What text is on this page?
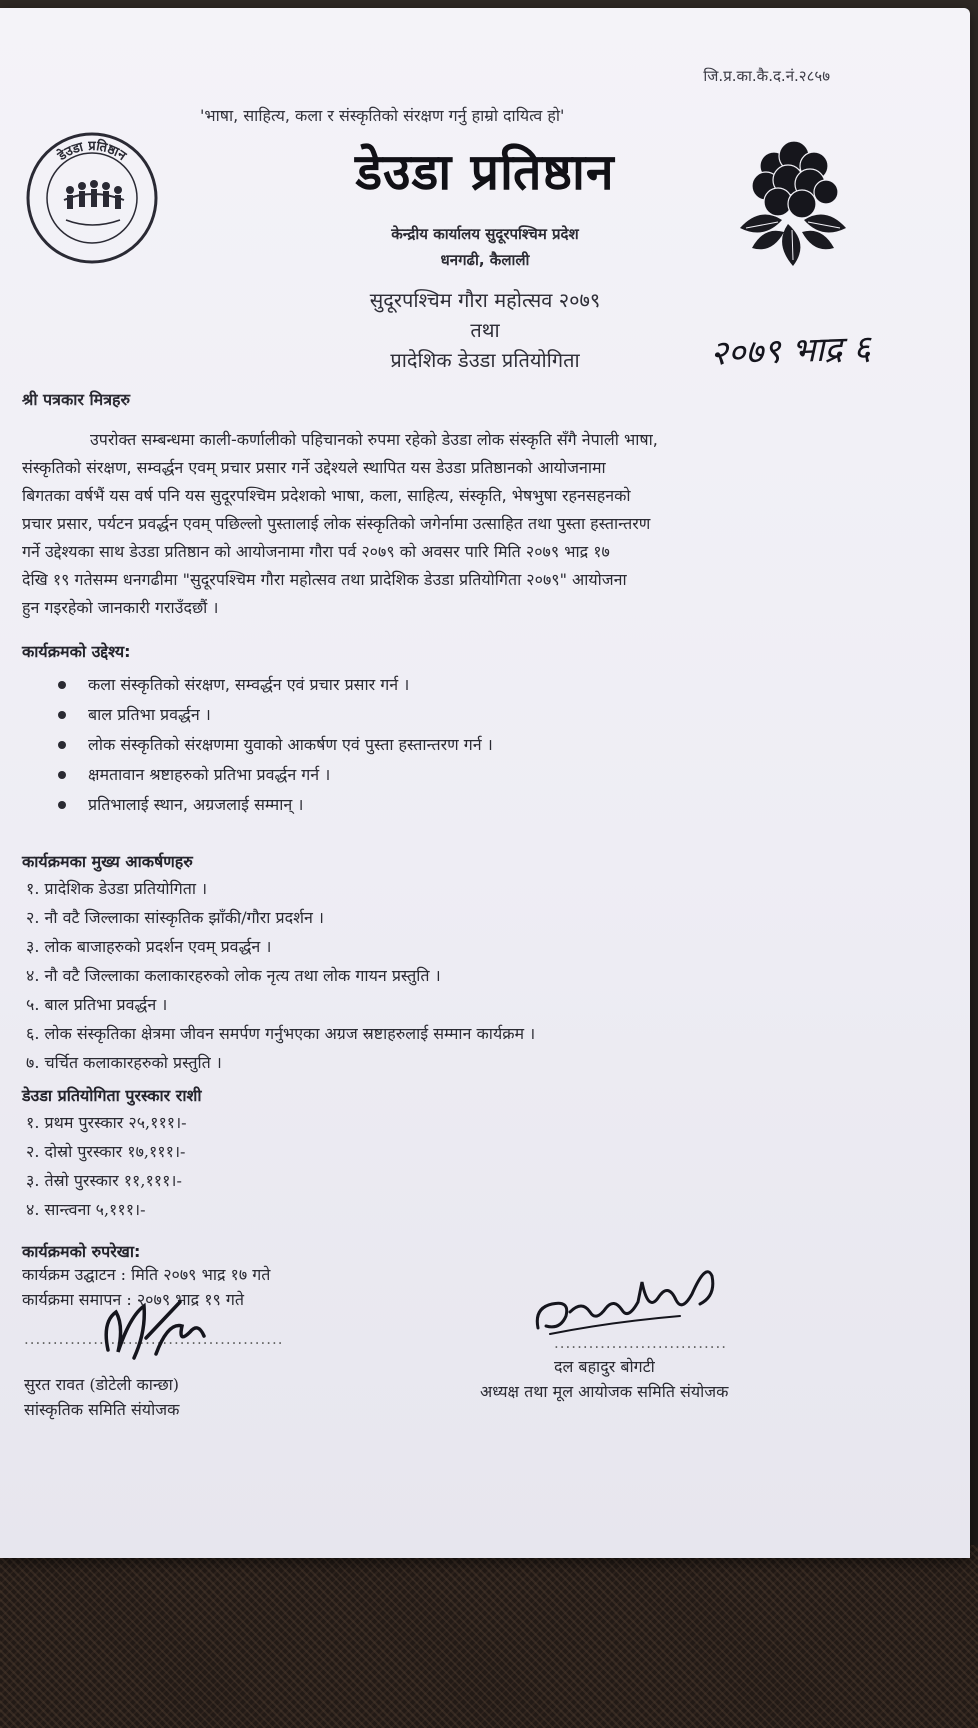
जि.प्र.का.कै.द.नं.२८५७
'भाषा, साहित्य, कला र संस्कृतिको संरक्षण गर्नु हाम्रो दायित्व हो'
डेउडा प्रतिष्ठान	डेउडा प्रतिष्ठान
केन्द्रीय कार्यालय सुदूरपश्चिम प्रदेश
धनगढी, कैलाली
सुदूरपश्चिम गौरा महोत्सव २०७९
तथा
प्रादेशिक डेउडा प्रतियोगिता	२०७९ भाद्र ६
श्री पत्रकार मित्रहरु

उपरोक्त सम्बन्धमा काली-कर्णालीको पहिचानको रुपमा रहेको डेउडा लोक संस्कृति सँगै नेपाली भाषा,
संस्कृतिको संरक्षण, सम्वर्द्धन एवम् प्रचार प्रसार गर्ने उद्देश्यले स्थापित यस डेउडा प्रतिष्ठानको आयोजनामा
बिगतका वर्षभैं यस वर्ष पनि यस सुदूरपश्चिम प्रदेशको भाषा, कला, साहित्य, संस्कृति, भेषभुषा रहनसहनको
प्रचार प्रसार, पर्यटन प्रवर्द्धन एवम् पछिल्लो पुस्तालाई लोक संस्कृतिको जगेर्नामा उत्साहित तथा पुस्ता हस्तान्तरण
गर्ने उद्देश्यका साथ डेउडा प्रतिष्ठान को आयोजनामा गौरा पर्व २०७९ को अवसर पारि मिति २०७९ भाद्र १७
देखि १९ गतेसम्म धनगढीमा "सुदूरपश्चिम गौरा महोत्सव तथा प्रादेशिक डेउडा प्रतियोगिता २०७९" आयोजना
हुन गइरहेको जानकारी गराउँदछौं ।

कार्यक्रमको उद्देश्य:
कला संस्कृतिको संरक्षण, सम्वर्द्धन एवं प्रचार प्रसार गर्न ।
बाल प्रतिभा प्रवर्द्धन ।
लोक संस्कृतिको संरक्षणमा युवाको आकर्षण एवं पुस्ता हस्तान्तरण गर्न ।
क्षमतावान श्रष्टाहरुको प्रतिभा प्रवर्द्धन गर्न ।
प्रतिभालाई स्थान, अग्रजलाई सम्मान् ।
कार्यक्रमका मुख्य आकर्षणहरु
१. प्रादेशिक डेउडा प्रतियोगिता ।
२. नौ वटै जिल्लाका सांस्कृतिक झाँकी/गौरा प्रदर्शन ।
३. लोक बाजाहरुको प्रदर्शन एवम् प्रवर्द्धन ।
४. नौ वटै जिल्लाका कलाकारहरुको लोक नृत्य तथा लोक गायन प्रस्तुति ।
५. बाल प्रतिभा प्रवर्द्धन ।
६. लोक संस्कृतिका क्षेत्रमा जीवन समर्पण गर्नुभएका अग्रज स्रष्टाहरुलाई सम्मान कार्यक्रम ।
७. चर्चित कलाकारहरुको प्रस्तुति ।
डेउडा प्रतियोगिता पुरस्कार राशी
१. प्रथम पुरस्कार २५,१११।-
२. दोस्रो पुरस्कार १७,१११।-
३. तेस्रो पुरस्कार ११,१११।-
४. सान्त्वना ५,१११।-
कार्यक्रमको रुपरेखा:
कार्यक्रम उद्घाटन : मिति २०७९ भाद्र १७ गते
कार्यक्रमा समापन : २०७९ भाद्र १९ गते
.............................................
सुरत रावत (डोटेली कान्छा)
सांस्कृतिक समिति संयोजक
..............................
दल बहादुर बोगटी
अध्यक्ष तथा मूल आयोजक समिति संयोजक
